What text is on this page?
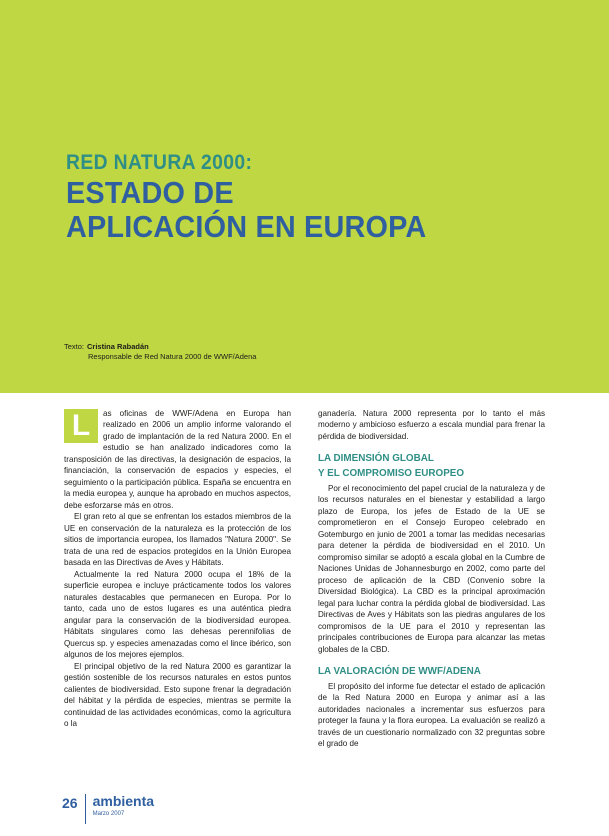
RED NATURA 2000:
ESTADO DE
APLICACIÓN EN EUROPA
Texto: Cristina Rabadán
Responsable de Red Natura 2000 de WWF/Adena

L	as oficinas de WWF/Adena en Europa han realizado en 2006 un amplio informe valorando el grado de implantación de la red Natura 2000. En el estudio se han analizado indicadores como la transposición de las directivas, la designación de espacios, la financiación, la conservación de espacios y especies, el seguimiento o la participación pública. España se encuentra en la media europea y, aunque ha aprobado en muchos aspectos, debe esforzarse más en otros.

El gran reto al que se enfrentan los estados miembros de la UE en conservación de la naturaleza es la protección de los sitios de importancia europea, los llamados "Natura 2000". Se trata de una red de espacios protegidos en la Unión Europea basada en las Directivas de Aves y Hábitats.

Actualmente la red Natura 2000 ocupa el 18% de la superficie europea e incluye prácticamente todos los valores naturales destacables que permanecen en Europa. Por lo tanto, cada uno de estos lugares es una auténtica piedra angular para la conservación de la biodiversidad europea. Hábitats singulares como las dehesas perennifolias de Quercus sp. y especies amenazadas como el lince ibérico, son algunos de los mejores ejemplos.

El principal objetivo de la red Natura 2000 es garantizar la gestión sostenible de los recursos naturales en estos puntos calientes de biodiversidad. Esto supone frenar la degradación del hábitat y la pérdida de especies, mientras se permite la continuidad de las actividades económicas, como la agricultura o la

ganadería. Natura 2000 representa por lo tanto el más moderno y ambicioso esfuerzo a escala mundial para frenar la pérdida de biodiversidad.

LA DIMENSIÓN GLOBAL
Y EL COMPROMISO EUROPEO

Por el reconocimiento del papel crucial de la naturaleza y de los recursos naturales en el bienestar y estabilidad a largo plazo de Europa, los jefes de Estado de la UE se comprometieron en el Consejo Europeo celebrado en Gotemburgo en junio de 2001 a tomar las medidas necesarias para detener la pérdida de biodiversidad en el 2010. Un compromiso similar se adoptó a escala global en la Cumbre de Naciones Unidas de Johannesburgo en 2002, como parte del proceso de aplicación de la CBD (Convenio sobre la Diversidad Biológica). La CBD es la principal aproximación legal para luchar contra la pérdida global de biodiversidad. Las Directivas de Aves y Hábitats son las piedras angulares de los compromisos de la UE para el 2010 y representan las principales contribuciones de Europa para alcanzar las metas globales de la CBD.

LA VALORACIÓN DE WWF/ADENA

El propósito del informe fue detectar el estado de aplicación de la Red Natura 2000 en Europa y animar así a las autoridades nacionales a incrementar sus esfuerzos para proteger la fauna y la flora europea. La evaluación se realizó a través de un cuestionario normalizado con 32 preguntas sobre el grado de

26	ambienta
Marzo 2007
